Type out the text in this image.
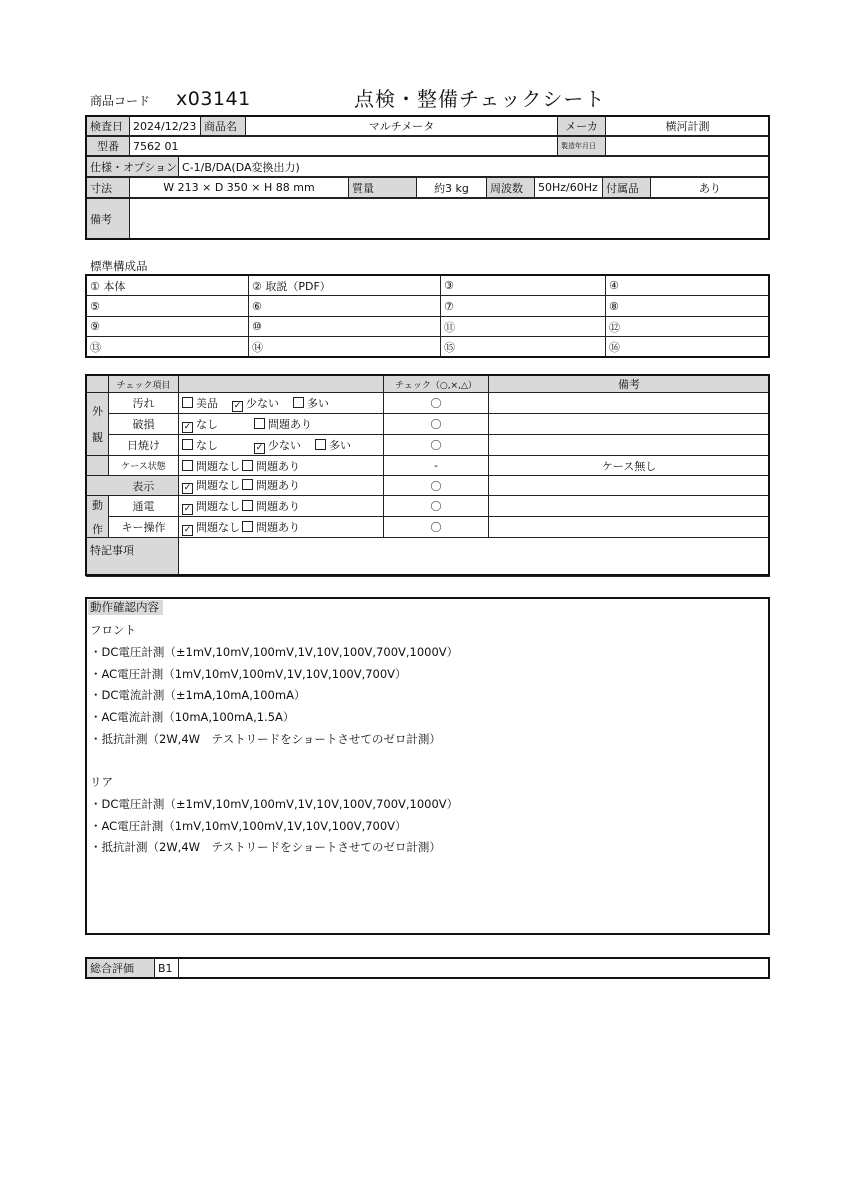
商品コード x03141	点検・整備チェックシート
検査日	2024/12/23	商品名	マルチメータ	メーカ	横河計測
型番	7562 01	製造年月日	
仕様・オプション	C-1/B/DA(DA変換出力)
寸法	W 213 × D 350 × H 88 mm	質量	約3 kg	周波数	50Hz/60Hz	付属品	あり
備考	
標準構成品
① 本体	② 取説（PDF）	③	④
⑤	⑥	⑦	⑧
⑨	⑩	⑪	⑫
⑬	⑭	⑮	⑯
	チェック項目		チェック（○,×,△）	備考

外
観	汚れ	美品 ✓ 少ない 多い	〇	
	破損	✓ なし 問題あり	〇	
	日焼け	なし ✓ 少ない 多い	〇	
	ケース状態	問題なし 問題あり	-	ケース無し
	表示	✓ 問題なし 問題あり	〇	

動
作	通電	✓ 問題なし 問題あり	〇	
	キー操作	✓ 問題なし 問題あり	〇	
特記事項				
動作確認内容
フロント
・DC電圧計測（±1mV,10mV,100mV,1V,10V,100V,700V,1000V）
・AC電圧計測（1mV,10mV,100mV,1V,10V,100V,700V）
・DC電流計測（±1mA,10mA,100mA）
・AC電流計測（10mA,100mA,1.5A）
・抵抗計測（2W,4W　テストリードをショートさせてのゼロ計測）
リア
・DC電圧計測（±1mV,10mV,100mV,1V,10V,100V,700V,1000V）
・AC電圧計測（1mV,10mV,100mV,1V,10V,100V,700V）
・抵抗計測（2W,4W　テストリードをショートさせてのゼロ計測）
総合評価	B1	
